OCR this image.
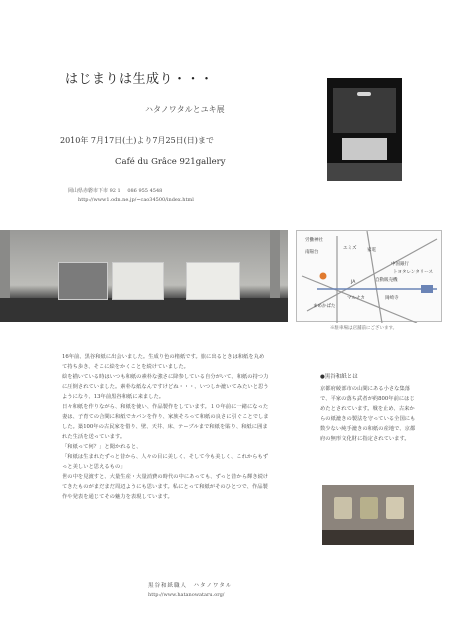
はじまりは生成り・・・
ハタノワタルとユキ展
2010年 7月17日(土)より7月25日(日)まで
Café du Grâce 921gallery
岡山県赤磐市下市 92 1　 086 955 4548
http://www1.odn.ne.jp/~cao34500/index.html
労働神社
南陽台
エミズ 家電
中国銀行
トヨタレンタリース
JA
マルナカ	岡崎寺
自動販売機
まめかばた
※駐車場は店舗前にございます。

16年前、黒谷和紙に出会いました。生成り色の楮紙です。旅に出るときは和紙を丸めて持ち歩き、そこに絵をかくことを続けていました。

絵を描いている時はいつも和紙の素朴な強さに降参している自分がいて、和紙の持つ力に圧倒されていました。素朴な紙なんですけどね・・・、いつしか漉いてみたいと思うようになり、13年前黒谷和紙に来ました。

日々和紙を作りながら、和紙を使い、作品製作をしています。１０年前に一緒になった妻は、子育ての合間に和紙でカバンを作り、家族そろって和紙の良さに引ぐことでしました。築100年の古民家を借り、壁、天井、床、テーブルまで和紙を貼り、和紙に囲まれた生活を送っています。

「和紙って何？」と聞かれると、

「和紙は生まれたずっと昔から、人々の目に美しく、そして今も美しく、これからもずっと美しいと思えるもの」

世の中を見渡すと、大量生産・大量消費の時代の中にあっても、ずっと昔から輝き続けてきたものがまだまだ周辺ようにも思います。私にとって和紙がそのひとつで、作品製作や発表を通じてその魅力を表現しています。

黒谷和紙職人　ハタノワタル
http://www.hatanowataru.org/
●黒谷和紙とは

京都府綾部市の山間にある小さな集落で、平家の落ち武者が約800年前にはじめたとされています。戦を止め、古来からの紙漉きの製法を守っている全国にも数少ない純手漉きの和紙の産地で、京都府の無形文化財に指定されています。
